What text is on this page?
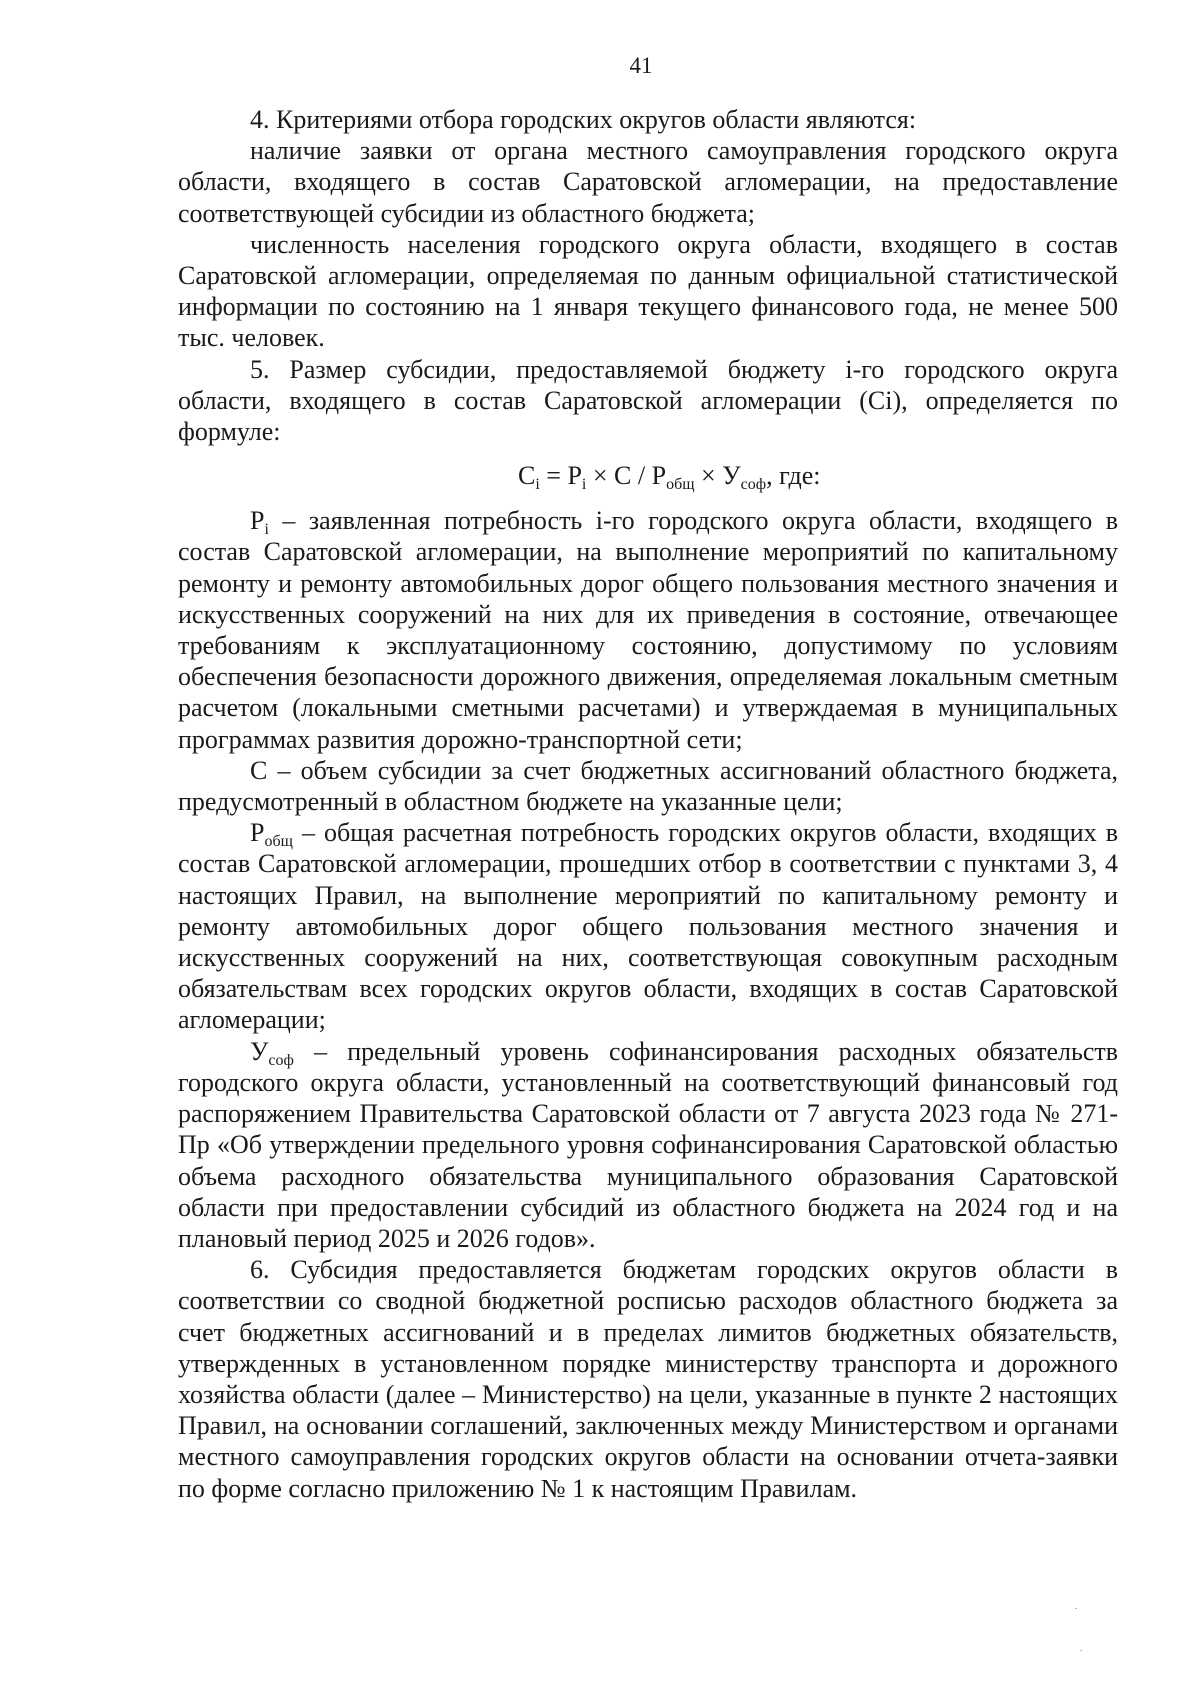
41

4. Критериями отбора городских округов области являются:

наличие заявки от органа местного самоуправления городского округа области, входящего в состав Саратовской агломерации, на предоставление соответствующей субсидии из областного бюджета;

численность населения городского округа области, входящего в состав Саратовской агломерации, определяемая по данным официальной статистической информации по состоянию на 1 января текущего финансового года, не менее 500 тыс. человек.

5. Размер субсидии, предоставляемой бюджету i-го городского округа области, входящего в состав Саратовской агломерации (Ci), определяется по формуле:

$C_i = P_i \times C / P_{общ} \times У_{соф}$, где:

$P_i$ – заявленная потребность i-го городского округа области, входящего в состав Саратовской агломерации, на выполнение мероприятий по капитальному ремонту и ремонту автомобильных дорог общего пользования местного значения и искусственных сооружений на них для их приведения в состояние, отвечающее требованиям к эксплуатационному состоянию, допустимому по условиям обеспечения безопасности дорожного движения, определяемая локальным сметным расчетом (локальными сметными расчетами) и утверждаемая в муниципальных программах развития дорожно-транспортной сети;

C – объем субсидии за счет бюджетных ассигнований областного бюджета, предусмотренный в областном бюджете на указанные цели;

$P_{общ}$ – общая расчетная потребность городских округов области, входящих в состав Саратовской агломерации, прошедших отбор в соответствии с пунктами 3, 4 настоящих Правил, на выполнение мероприятий по капитальному ремонту и ремонту автомобильных дорог общего пользования местного значения и искусственных сооружений на них, соответствующая совокупным расходным обязательствам всех городских округов области, входящих в состав Саратовской агломерации;

$У_{соф}$ – предельный уровень софинансирования расходных обязательств городского округа области, установленный на соответствующий финансовый год распоряжением Правительства Саратовской области от 7 августа 2023 года № 271-Пр «Об утверждении предельного уровня софинансирования Саратовской областью объема расходного обязательства муниципального образования Саратовской области при предоставлении субсидий из областного бюджета на 2024 год и на плановый период 2025 и 2026 годов».

6. Субсидия предоставляется бюджетам городских округов области в соответствии со сводной бюджетной росписью расходов областного бюджета за счет бюджетных ассигнований и в пределах лимитов бюджетных обязательств, утвержденных в установленном порядке министерству транспорта и дорожного хозяйства области (далее – Министерство) на цели, указанные в пункте 2 настоящих Правил, на основании соглашений, заключенных между Министерством и органами местного самоуправления городских округов области на основании отчета-заявки по форме согласно приложению № 1 к настоящим Правилам.
